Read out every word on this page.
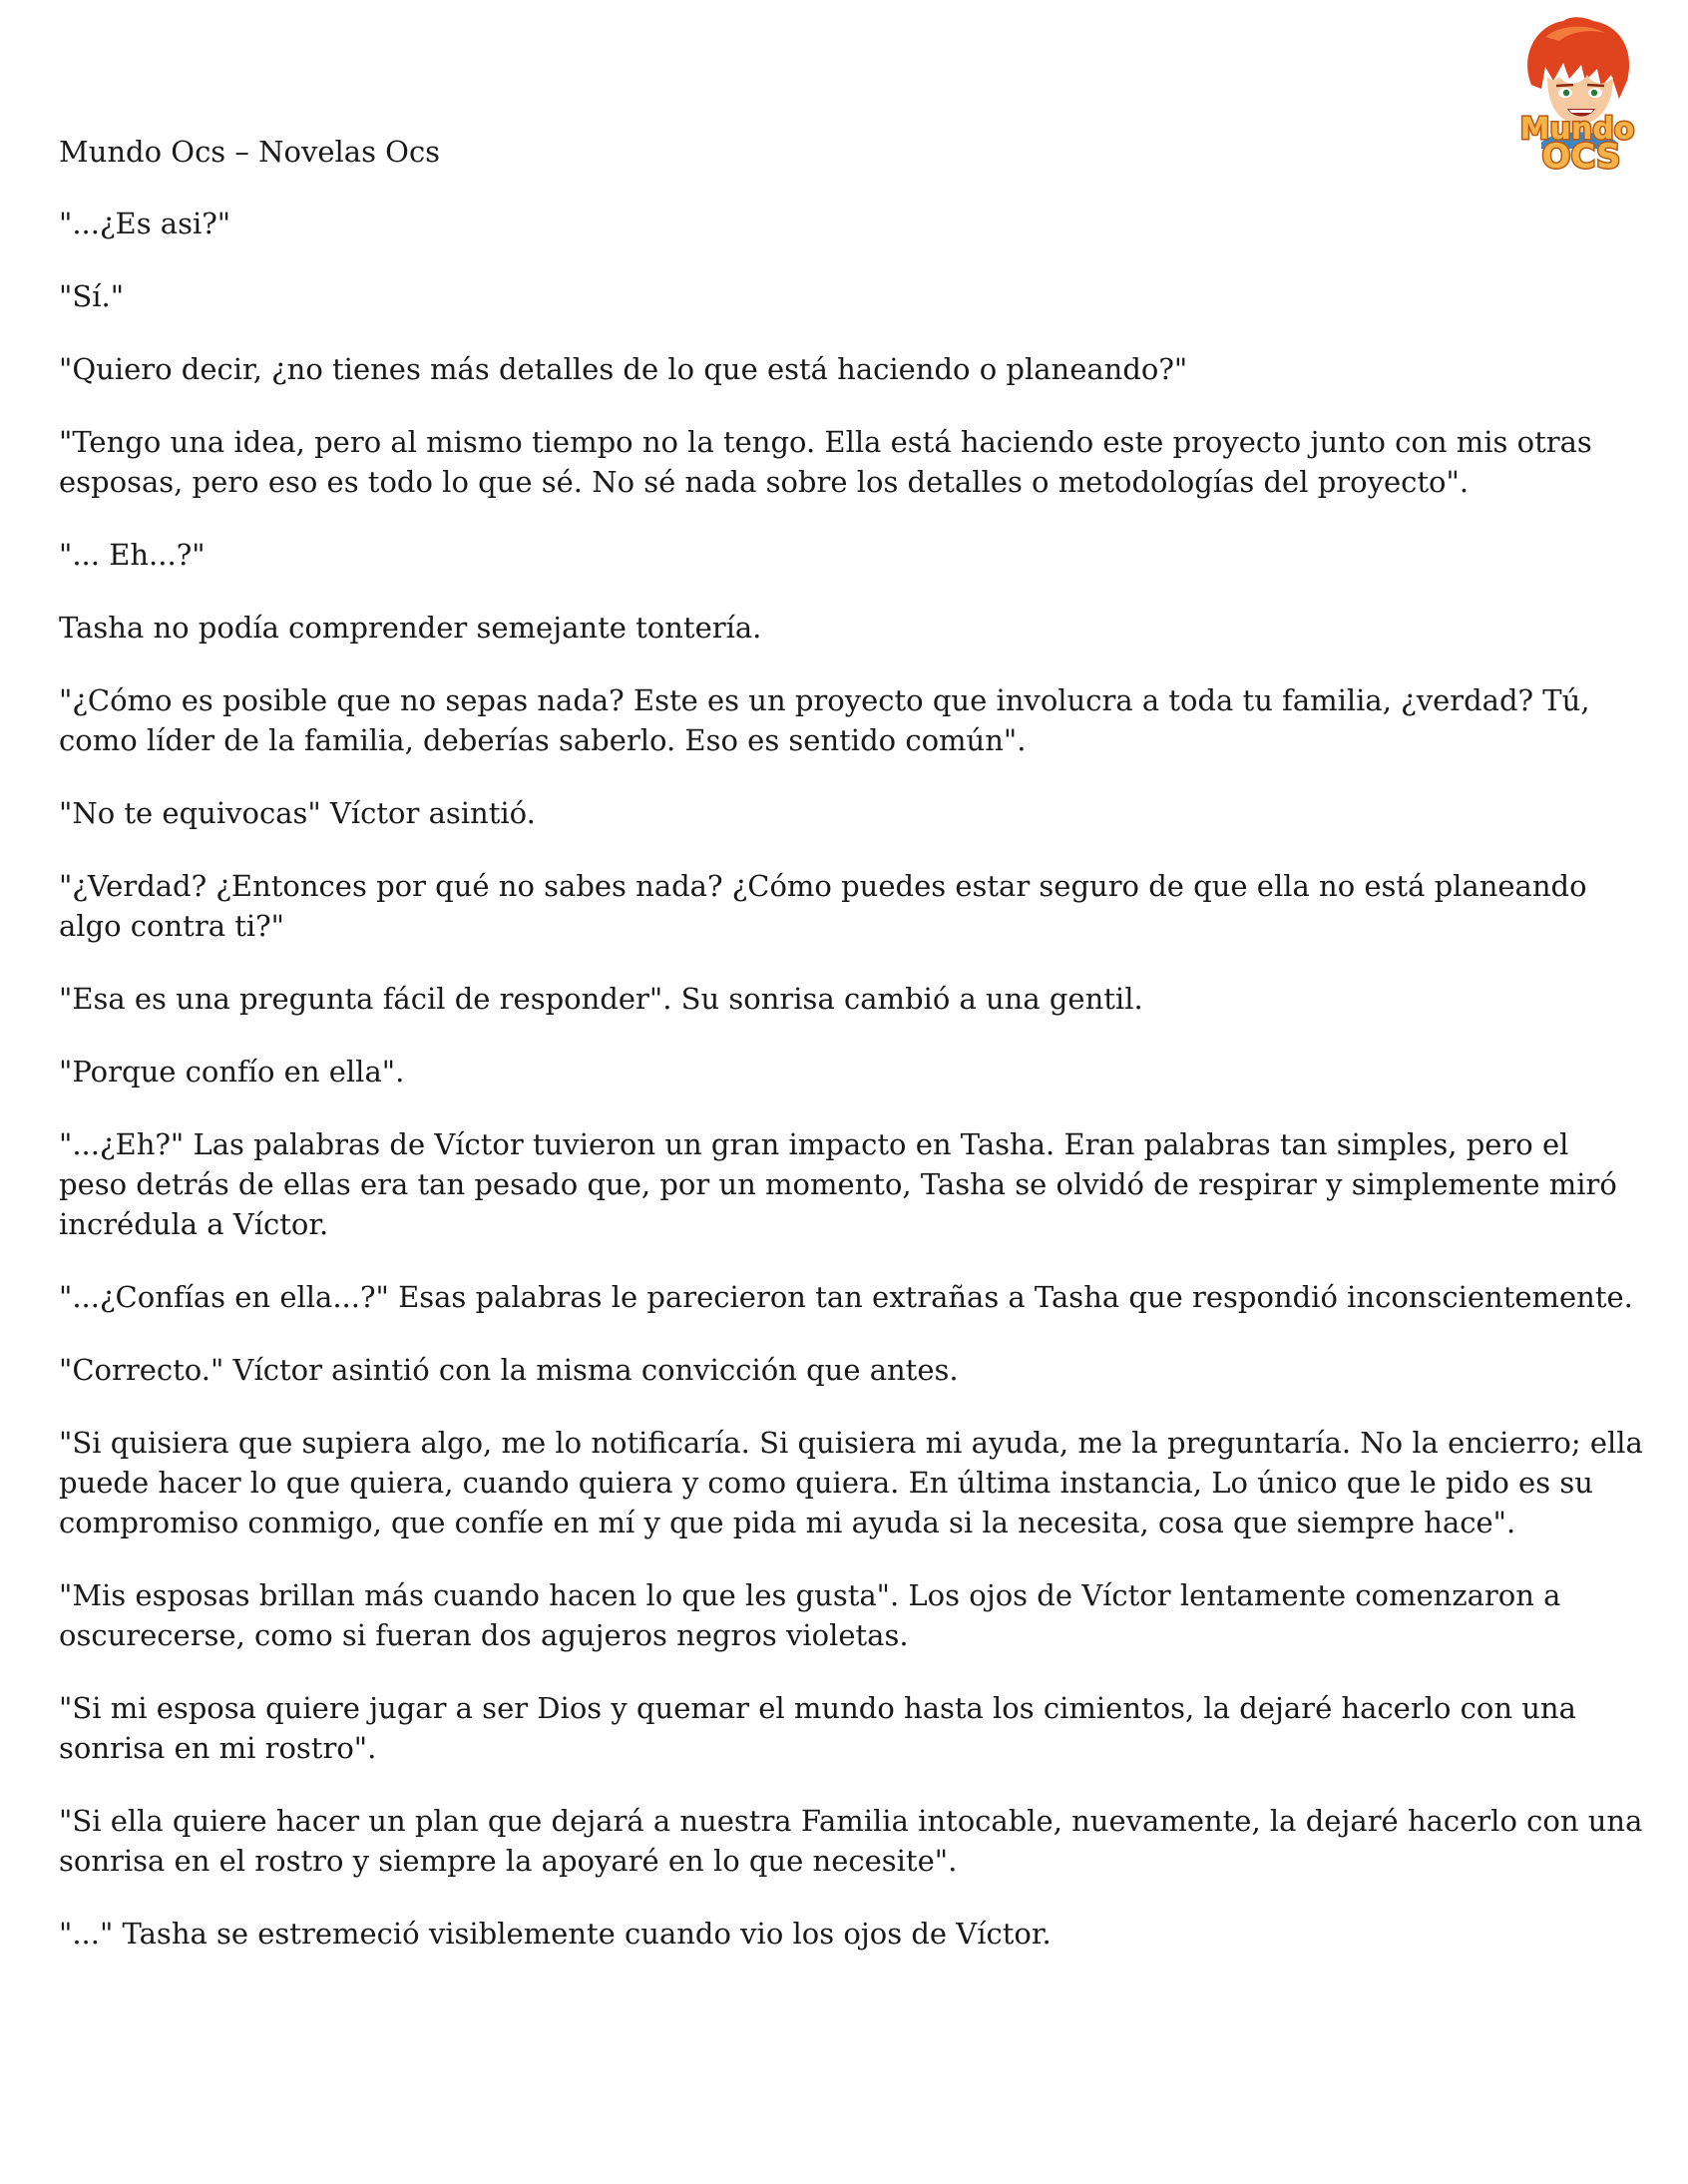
Mundo
OCS

Mundo Ocs – Novelas Ocs

"...¿Es asi?"

"Sí."

"Quiero decir, ¿no tienes más detalles de lo que está haciendo o planeando?"

"Tengo una idea, pero al mismo tiempo no la tengo. Ella está haciendo este proyecto junto con mis otras esposas, pero eso es todo lo que sé. No sé nada sobre los detalles o metodologías del proyecto".

"... Eh...?"

Tasha no podía comprender semejante tontería.

"¿Cómo es posible que no sepas nada? Este es un proyecto que involucra a toda tu familia, ¿verdad? Tú, como líder de la familia, deberías saberlo. Eso es sentido común".

"No te equivocas" Víctor asintió.

"¿Verdad? ¿Entonces por qué no sabes nada? ¿Cómo puedes estar seguro de que ella no está planeando algo contra ti?"

"Esa es una pregunta fácil de responder". Su sonrisa cambió a una gentil.

"Porque confío en ella".

"...¿Eh?" Las palabras de Víctor tuvieron un gran impacto en Tasha. Eran palabras tan simples, pero el peso detrás de ellas era tan pesado que, por un momento, Tasha se olvidó de respirar y simplemente miró incrédula a Víctor.

"...¿Confías en ella...?" Esas palabras le parecieron tan extrañas a Tasha que respondió inconscientemente.

"Correcto." Víctor asintió con la misma convicción que antes.

"Si quisiera que supiera algo, me lo notificaría. Si quisiera mi ayuda, me la preguntaría. No la encierro; ella puede hacer lo que quiera, cuando quiera y como quiera. En última instancia, Lo único que le pido es su compromiso conmigo, que confíe en mí y que pida mi ayuda si la necesita, cosa que siempre hace".

"Mis esposas brillan más cuando hacen lo que les gusta". Los ojos de Víctor lentamente comenzaron a oscurecerse, como si fueran dos agujeros negros violetas.

"Si mi esposa quiere jugar a ser Dios y quemar el mundo hasta los cimientos, la dejaré hacerlo con una sonrisa en mi rostro".

"Si ella quiere hacer un plan que dejará a nuestra Familia intocable, nuevamente, la dejaré hacerlo con una sonrisa en el rostro y siempre la apoyaré en lo que necesite".

"..." Tasha se estremeció visiblemente cuando vio los ojos de Víctor.
